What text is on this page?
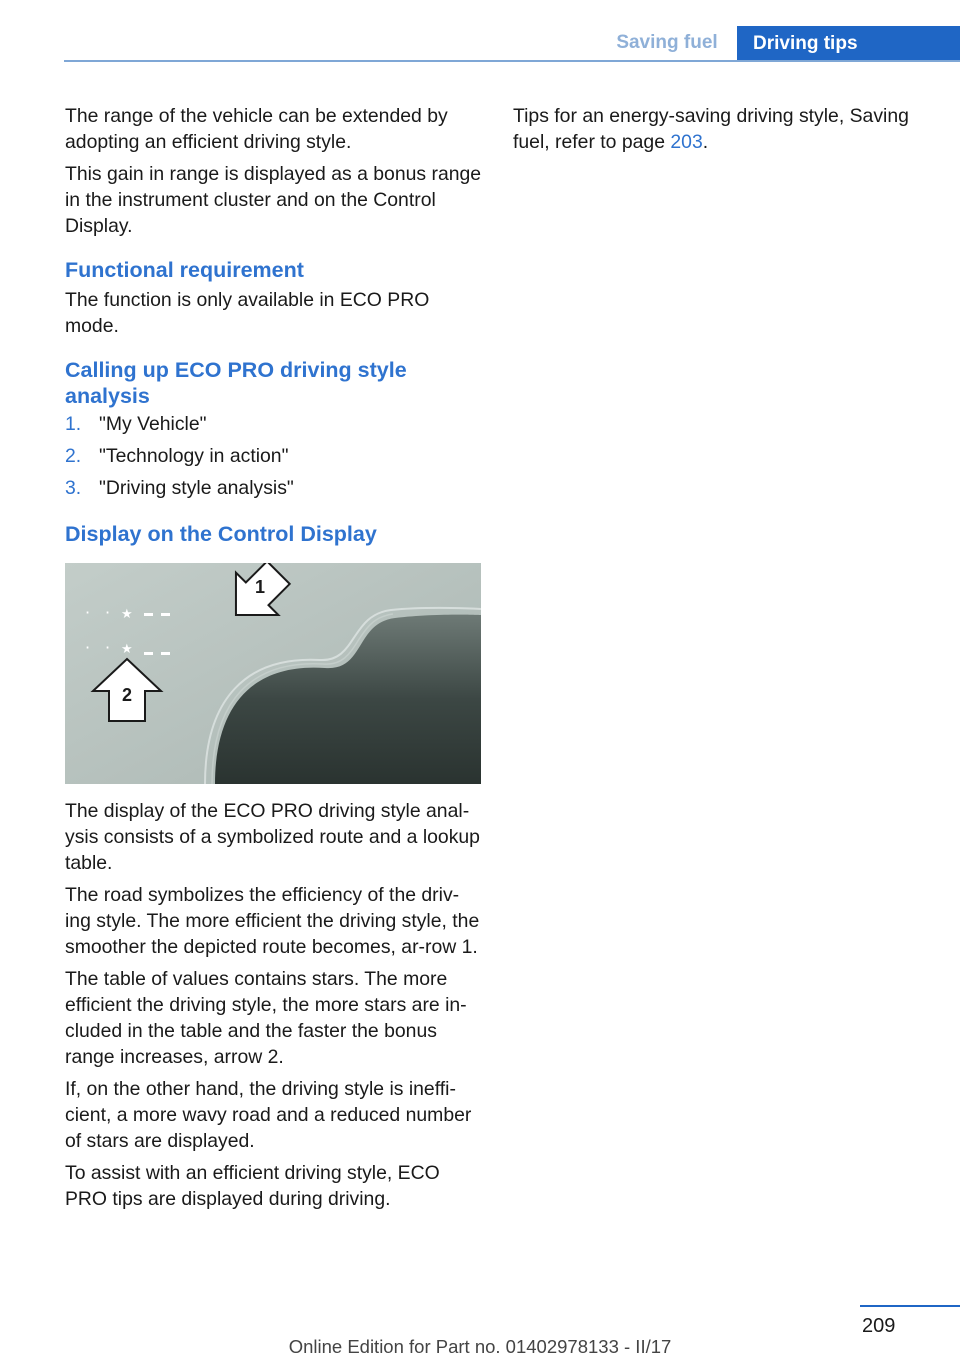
Saving fuel	Driving tips

The range of the vehicle can be extended by adopting an efficient driving style.

This gain in range is displayed as a bonus range in the instrument cluster and on the Control Display.

Functional requirement

The function is only available in ECO PRO mode.

Calling up ECO PRO driving style analysis
1. "My Vehicle"
2. "Technology in action"
3. "Driving style analysis"
Display on the Control Display
· · ★
· · ★
1
2

The display of the ECO PRO driving style anal‐ysis consists of a symbolized route and a lookup table.

The road symbolizes the efficiency of the driv‐ing style. The more efficient the driving style, the smoother the depicted route becomes, ar‐row 1.

The table of values contains stars. The more efficient the driving style, the more stars are in‐cluded in the table and the faster the bonus range increases, arrow 2.

If, on the other hand, the driving style is ineffi‐cient, a more wavy road and a reduced number of stars are displayed.

To assist with an efficient driving style, ECO PRO tips are displayed during driving.

Tips for an energy-saving driving style, Saving fuel, refer to page 203.

209
Online Edition for Part no. 01402978133 - II/17
